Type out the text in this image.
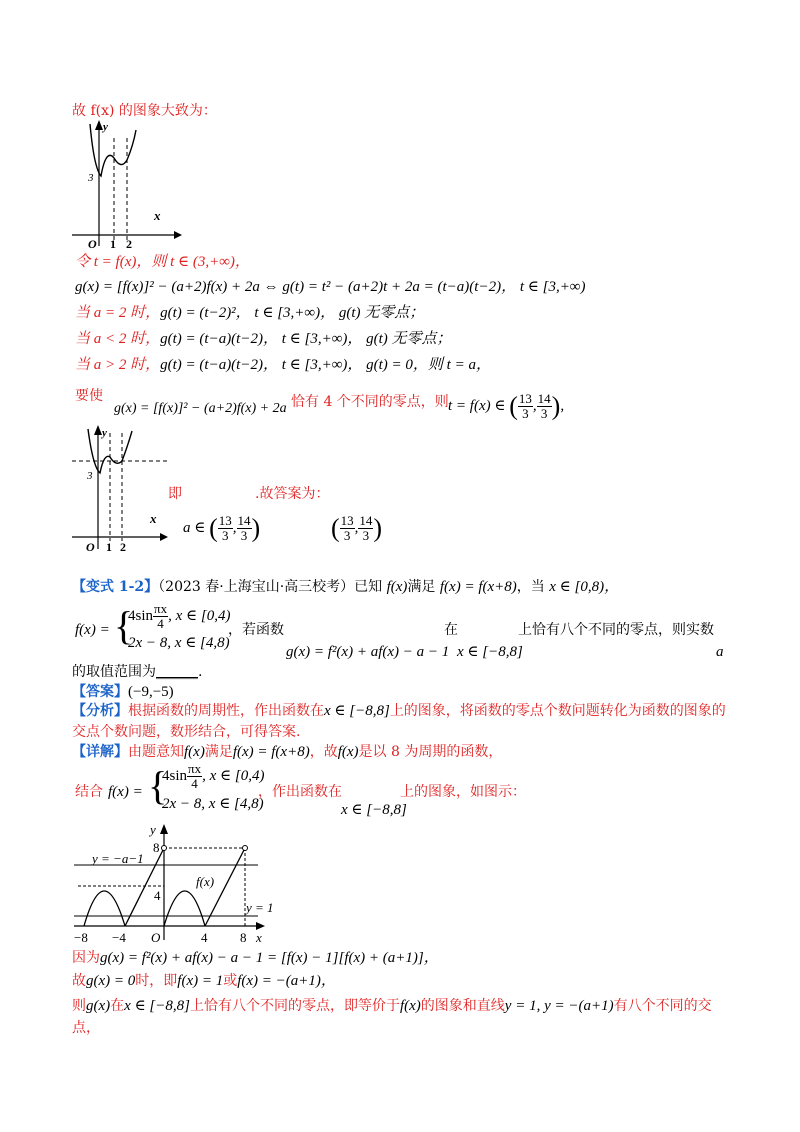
故 f(x) 的图象大致为：
3
y
x
O 1 2
令 t = f(x)，则 t ∈ (3,+∞)，
g(x) = [f(x)]² − (a+2)f(x) + 2a ⇔ g(t) = t² − (a+2)t + 2a = (t−a)(t−2)， t ∈ [3,+∞)
当 a = 2 时，g(t) = (t−2)²， t ∈ [3,+∞)， g(t) 无零点；
当 a < 2 时，g(t) = (t−a)(t−2)， t ∈ [3,+∞)， g(t) 无零点；
当 a > 2 时，g(t) = (t−a)(t−2)， t ∈ [3,+∞)， g(t) = 0，则 t = a，
要使
g(x) = [f(x)]² − (a+2)f(x) + 2a 恰有 4 个不同的零点，则 t = f(x) ∈ ( $\frac{13}{3}$ , $\frac{14}{3}$ ),
3
y
x
O 1 2
即	.故答案为：
a ∈ ( $\frac{13}{3}$ , $\frac{14}{3}$ )	( $\frac{13}{3}$ , $\frac{14}{3}$ )
【变式 1-2】（2023 春·上海宝山·高三校考）已知 f(x)满足 f(x) = f(x+8)，当 x ∈ [0,8)，
f(x) = {
$4\sin \frac{\pi x}{4}$ , x ∈ [0,4)
2x − 8, x ∈ [4,8)
，若函数
g(x) = f²(x) + af(x) − a − 1
在
x ∈ [−8,8]
上恰有八个不同的零点，则实数
a
的取值范围为______.
【答案】(−9,−5)
【分析】根据函数的周期性，作出函数在x ∈ [−8,8]上的图象，将函数的零点个数问题转化为函数的图象的
交点个数问题，数形结合，可得答案.
【详解】由题意知f(x)满足f(x) = f(x+8)，故f(x)是以 8 为周期的函数，
结合 f(x) = {
$4\sin \frac{\pi x}{4}$ , x ∈ [0,4)
2x − 8, x ∈ [4,8)
，作出函数在
x ∈ [−8,8]
上的图象，如图示：
y
x
8
4
O
−8 −4	4	8
f(x)
y = −a−1
y = 1
因为g(x) = f²(x) + af(x) − a − 1 = [f(x) − 1][f(x) + (a+1)]，
故g(x) = 0时，即f(x) = 1或f(x) = −(a+1)，
则g(x)在x ∈ [−8,8]上恰有八个不同的零点，即等价于f(x)的图象和直线y = 1, y = −(a+1)有八个不同的交
点，
